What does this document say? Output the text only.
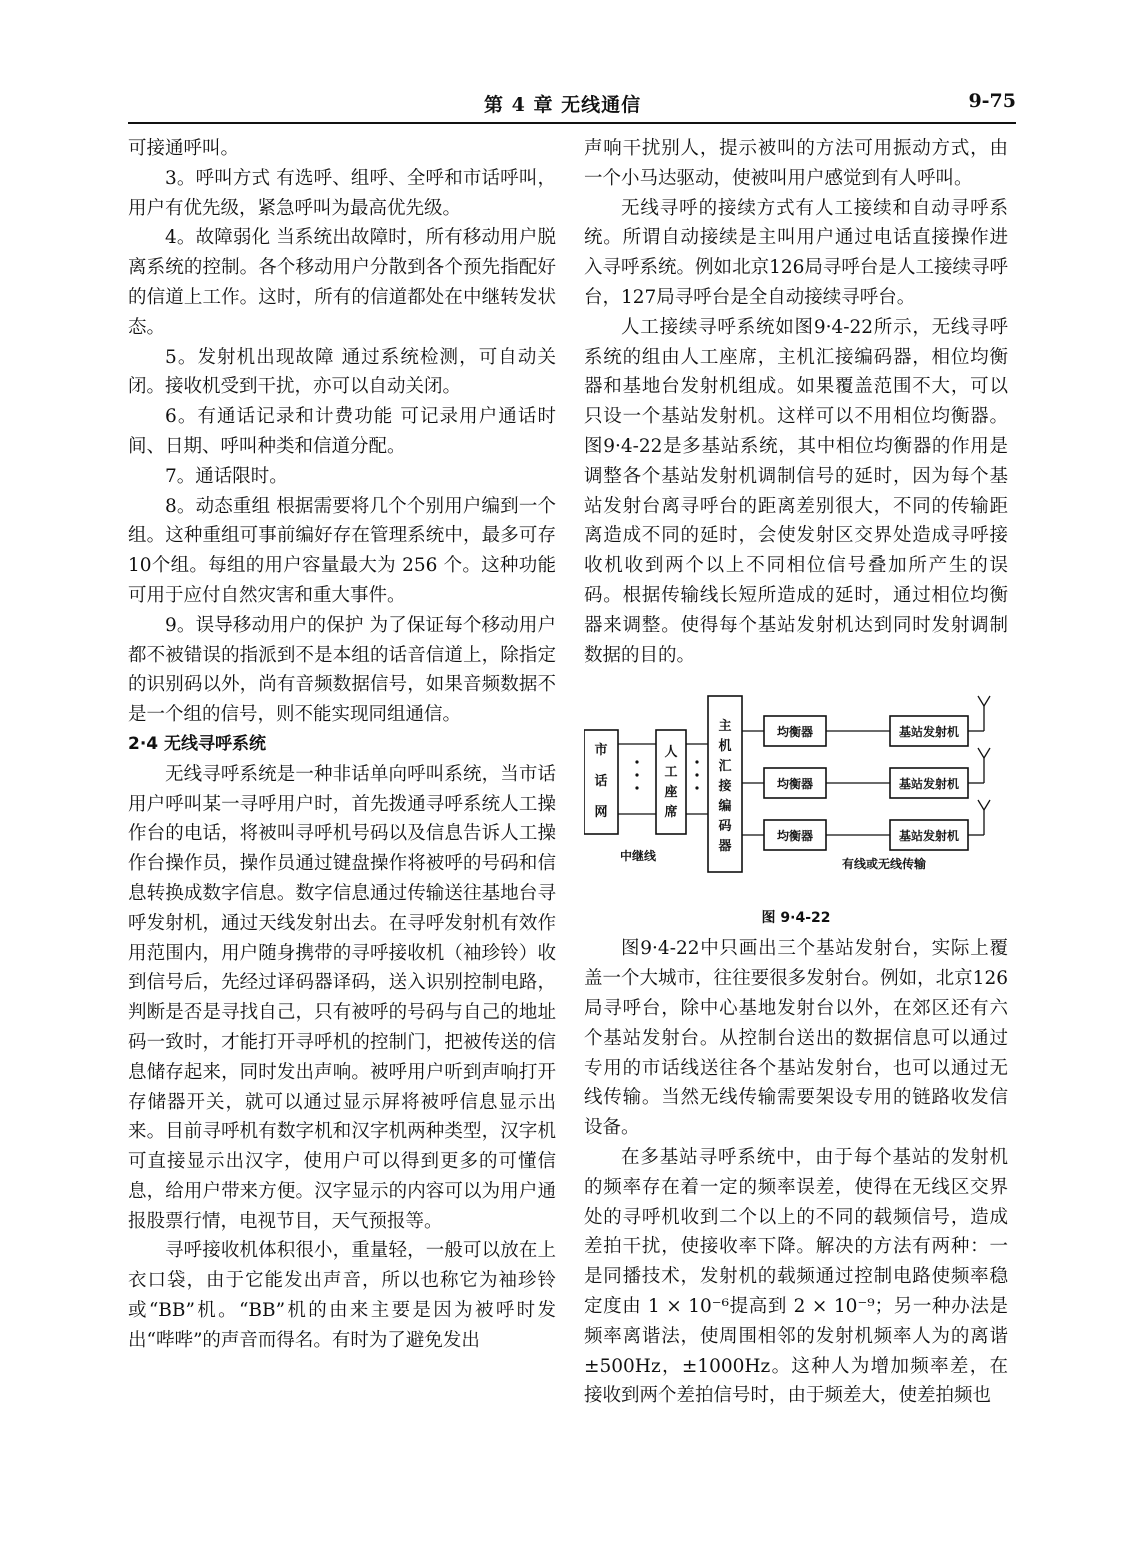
第 4 章 无线通信	9-75

可接通呼叫。

3。呼叫方式 有选呼、组呼、全呼和市话呼叫，用户有优先级，紧急呼叫为最高优先级。

4。故障弱化 当系统出故障时，所有移动用户脱离系统的控制。各个移动用户分散到各个预先指配好的信道上工作。这时，所有的信道都处在中继转发状态。

5。发射机出现故障 通过系统检测，可自动关闭。接收机受到干扰，亦可以自动关闭。

6。有通话记录和计费功能 可记录用户通话时间、日期、呼叫种类和信道分配。

7。通话限时。

8。动态重组 根据需要将几个个别用户编到一个组。这种重组可事前编好存在管理系统中，最多可存10个组。每组的用户容量最大为 256 个。这种功能可用于应付自然灾害和重大事件。

9。误导移动用户的保护 为了保证每个移动用户都不被错误的指派到不是本组的话音信道上，除指定的识别码以外，尚有音频数据信号，如果音频数据不是一个组的信号，则不能实现同组通信。

2·4 无线寻呼系统

无线寻呼系统是一种非话单向呼叫系统，当市话用户呼叫某一寻呼用户时，首先拨通寻呼系统人工操作台的电话，将被叫寻呼机号码以及信息告诉人工操作台操作员，操作员通过键盘操作将被呼的号码和信息转换成数字信息。数字信息通过传输送往基地台寻呼发射机，通过天线发射出去。在寻呼发射机有效作用范围内，用户随身携带的寻呼接收机（袖珍铃）收到信号后，先经过译码器译码，送入识别控制电路，判断是否是寻找自己，只有被呼的号码与自己的地址码一致时，才能打开寻呼机的控制门，把被传送的信息储存起来，同时发出声响。被呼用户听到声响打开存储器开关，就可以通过显示屏将被呼信息显示出来。目前寻呼机有数字机和汉字机两种类型，汉字机可直接显示出汉字，使用户可以得到更多的可懂信息，给用户带来方便。汉字显示的内容可以为用户通报股票行情，电视节目，天气预报等。

寻呼接收机体积很小，重量轻，一般可以放在上衣口袋，由于它能发出声音，所以也称它为袖珍铃或“BB”机。“BB”机的由来主要是因为被呼时发出“哔哔”的声音而得名。有时为了避免发出

声响干扰别人，提示被叫的方法可用振动方式，由一个小马达驱动，使被叫用户感觉到有人呼叫。

无线寻呼的接续方式有人工接续和自动寻呼系统。所谓自动接续是主叫用户通过电话直接操作进入寻呼系统。例如北京126局寻呼台是人工接续寻呼台，127局寻呼台是全自动接续寻呼台。

人工接续寻呼系统如图9·4-22所示，无线寻呼系统的组由人工座席，主机汇接编码器，相位均衡器和基地台发射机组成。如果覆盖范围不大，可以只设一个基站发射机。这样可以不用相位均衡器。图9·4-22是多基站系统，其中相位均衡器的作用是调整各个基站发射机调制信号的延时，因为每个基站发射台离寻呼台的距离差别很大，不同的传输距离造成不同的延时，会使发射区交界处造成寻呼接收机收到两个以上不同相位信号叠加所产生的误码。根据传输线长短所造成的延时，通过相位均衡器来调整。使得每个基站发射机达到同时发射调制数据的目的。

市
话
网
人
工
座
席
主
机
汇
接
编
码
器
均衡器
均衡器
均衡器
基站发射机
基站发射机
基站发射机
中继线
有线或无线传输
图 9·4-22

图9·4-22中只画出三个基站发射台，实际上覆盖一个大城市，往往要很多发射台。例如，北京126局寻呼台，除中心基地发射台以外，在郊区还有六个基站发射台。从控制台送出的数据信息可以通过专用的市话线送往各个基站发射台，也可以通过无线传输。当然无线传输需要架设专用的链路收发信设备。

在多基站寻呼系统中，由于每个基站的发射机的频率存在着一定的频率误差，使得在无线区交界处的寻呼机收到二个以上的不同的载频信号，造成差拍干扰，使接收率下降。解决的方法有两种：一是同播技术，发射机的载频通过控制电路使频率稳定度由 1 × 10⁻⁶提高到 2 × 10⁻⁹；另一种办法是频率离谐法，使周围相邻的发射机频率人为的离谐 ±500Hz，±1000Hz。这种人为增加频率差，在接收到两个差拍信号时，由于频差大，使差拍频也
